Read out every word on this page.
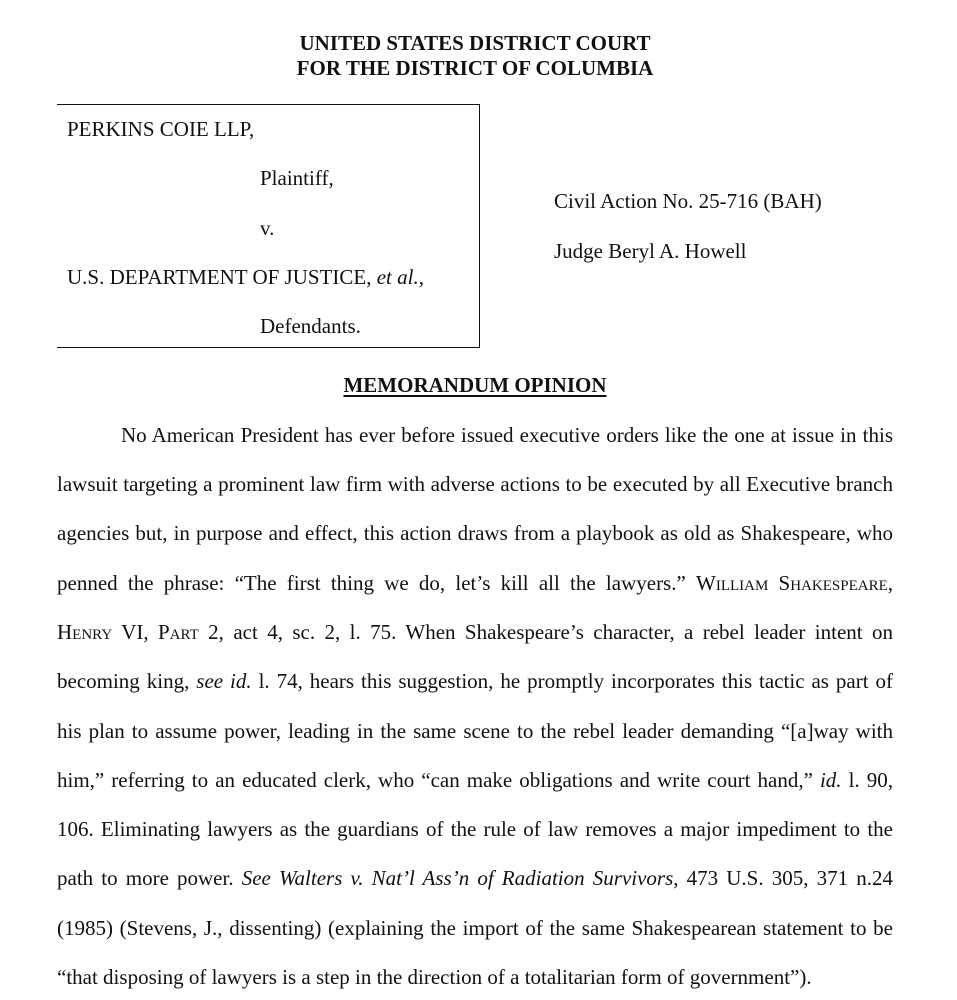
UNITED STATES DISTRICT COURT
FOR THE DISTRICT OF COLUMBIA
PERKINS COIE LLP,
Plaintiff,
v.
U.S. DEPARTMENT OF JUSTICE, et al.,
Defendants.
Civil Action No. 25-716 (BAH)
Judge Beryl A. Howell
MEMORANDUM OPINION
No American President has ever before issued executive orders like the one at issue in this
lawsuit targeting a prominent law firm with adverse actions to be executed by all Executive branch
agencies but, in purpose and effect, this action draws from a playbook as old as Shakespeare, who
penned the phrase: “The first thing we do, let’s kill all the lawyers.” William Shakespeare,
Henry VI, Part 2, act 4, sc. 2, l. 75. When Shakespeare’s character, a rebel leader intent on
becoming king, see id. l. 74, hears this suggestion, he promptly incorporates this tactic as part of
his plan to assume power, leading in the same scene to the rebel leader demanding “[a]way with
him,” referring to an educated clerk, who “can make obligations and write court hand,” id. l. 90,
106. Eliminating lawyers as the guardians of the rule of law removes a major impediment to the
path to more power. See Walters v. Nat’l Ass’n of Radiation Survivors, 473 U.S. 305, 371 n.24
(1985) (Stevens, J., dissenting) (explaining the import of the same Shakespearean statement to be
“that disposing of lawyers is a step in the direction of a totalitarian form of government”).
